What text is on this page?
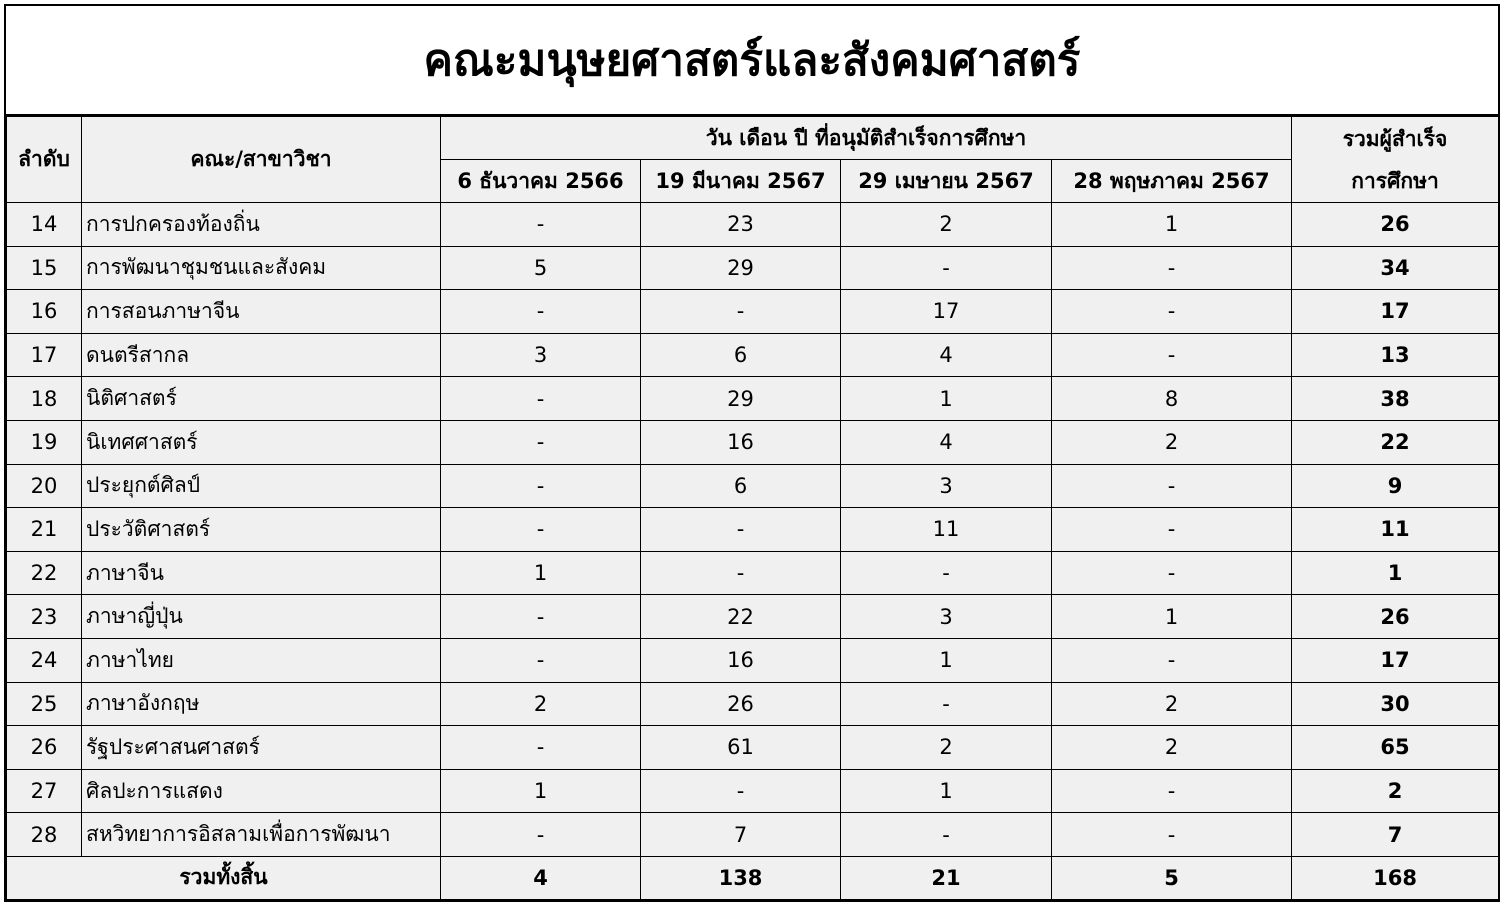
คณะมนุษยศาสตร์และสังคมศาสตร์
ลำดับ	คณะ/สาขาวิชา	วัน เดือน ปี ที่อนุมัติสำเร็จการศึกษา				รวมผู้สำเร็จ
การศึกษา

		6 ธันวาคม 2566	19 มีนาคม 2567	29 เมษายน 2567	28 พฤษภาคม 2567	
14	การปกครองท้องถิ่น	-	23	2	1	26
15	การพัฒนาชุมชนและสังคม	5	29	-	-	34
16	การสอนภาษาจีน	-	-	17	-	17
17	ดนตรีสากล	3	6	4	-	13
18	นิติศาสตร์	-	29	1	8	38
19	นิเทศศาสตร์	-	16	4	2	22
20	ประยุกต์ศิลป์	-	6	3	-	9
21	ประวัติศาสตร์	-	-	11	-	11
22	ภาษาจีน	1	-	-	-	1
23	ภาษาญี่ปุ่น	-	22	3	1	26
24	ภาษาไทย	-	16	1	-	17
25	ภาษาอังกฤษ	2	26	-	2	30
26	รัฐประศาสนศาสตร์	-	61	2	2	65
27	ศิลปะการแสดง	1	-	1	-	2
28	สหวิทยาการอิสลามเพื่อการพัฒนา	-	7	-	-	7
รวมทั้งสิ้น		4	138	21	5	168
